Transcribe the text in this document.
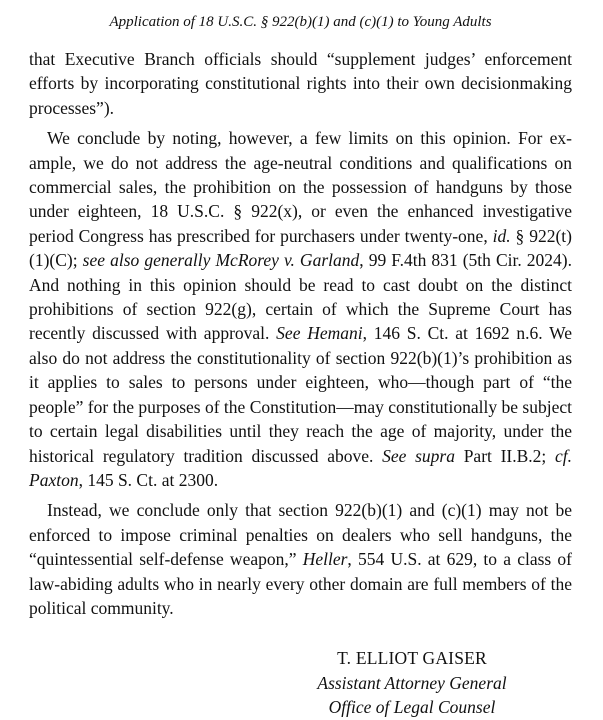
Application of 18 U.S.C. § 922(b)(1) and (c)(1) to Young Adults

that Executive Branch officials should “supplement judges’ enforcement efforts by incorporating constitutional rights into their own decisionmaking processes”).

We conclude by noting, however, a few limits on this opinion. For example, we do not address the age-neutral conditions and qualifications on commercial sales, the prohibition on the possession of handguns by those under eighteen, 18 U.S.C. § 922(x), or even the enhanced investigative period Congress has prescribed for purchasers under twenty-one, id. § 922(t)(1)(C); see also generally McRorey v. Garland, 99 F.4th 831 (5th Cir. 2024). And nothing in this opinion should be read to cast doubt on the distinct prohibitions of section 922(g), certain of which the Supreme Court has recently discussed with approval. See Hemani, 146 S. Ct. at 1692 n.6. We also do not address the constitutionality of section 922(b)(1)’s prohibition as it applies to sales to persons under eighteen, who—though part of “the people” for the purposes of the Constitution—may constitutionally be subject to certain legal disabilities until they reach the age of majority, under the historical regulatory tradition discussed above. See supra Part II.B.2; cf. Paxton, 145 S. Ct. at 2300.

Instead, we conclude only that section 922(b)(1) and (c)(1) may not be enforced to impose criminal penalties on dealers who sell handguns, the “quintessential self-defense weapon,” Heller, 554 U.S. at 629, to a class of law-abiding adults who in nearly every other domain are full members of the political community.

T. ELLIOT GAISER
Assistant Attorney General
Office of Legal Counsel
